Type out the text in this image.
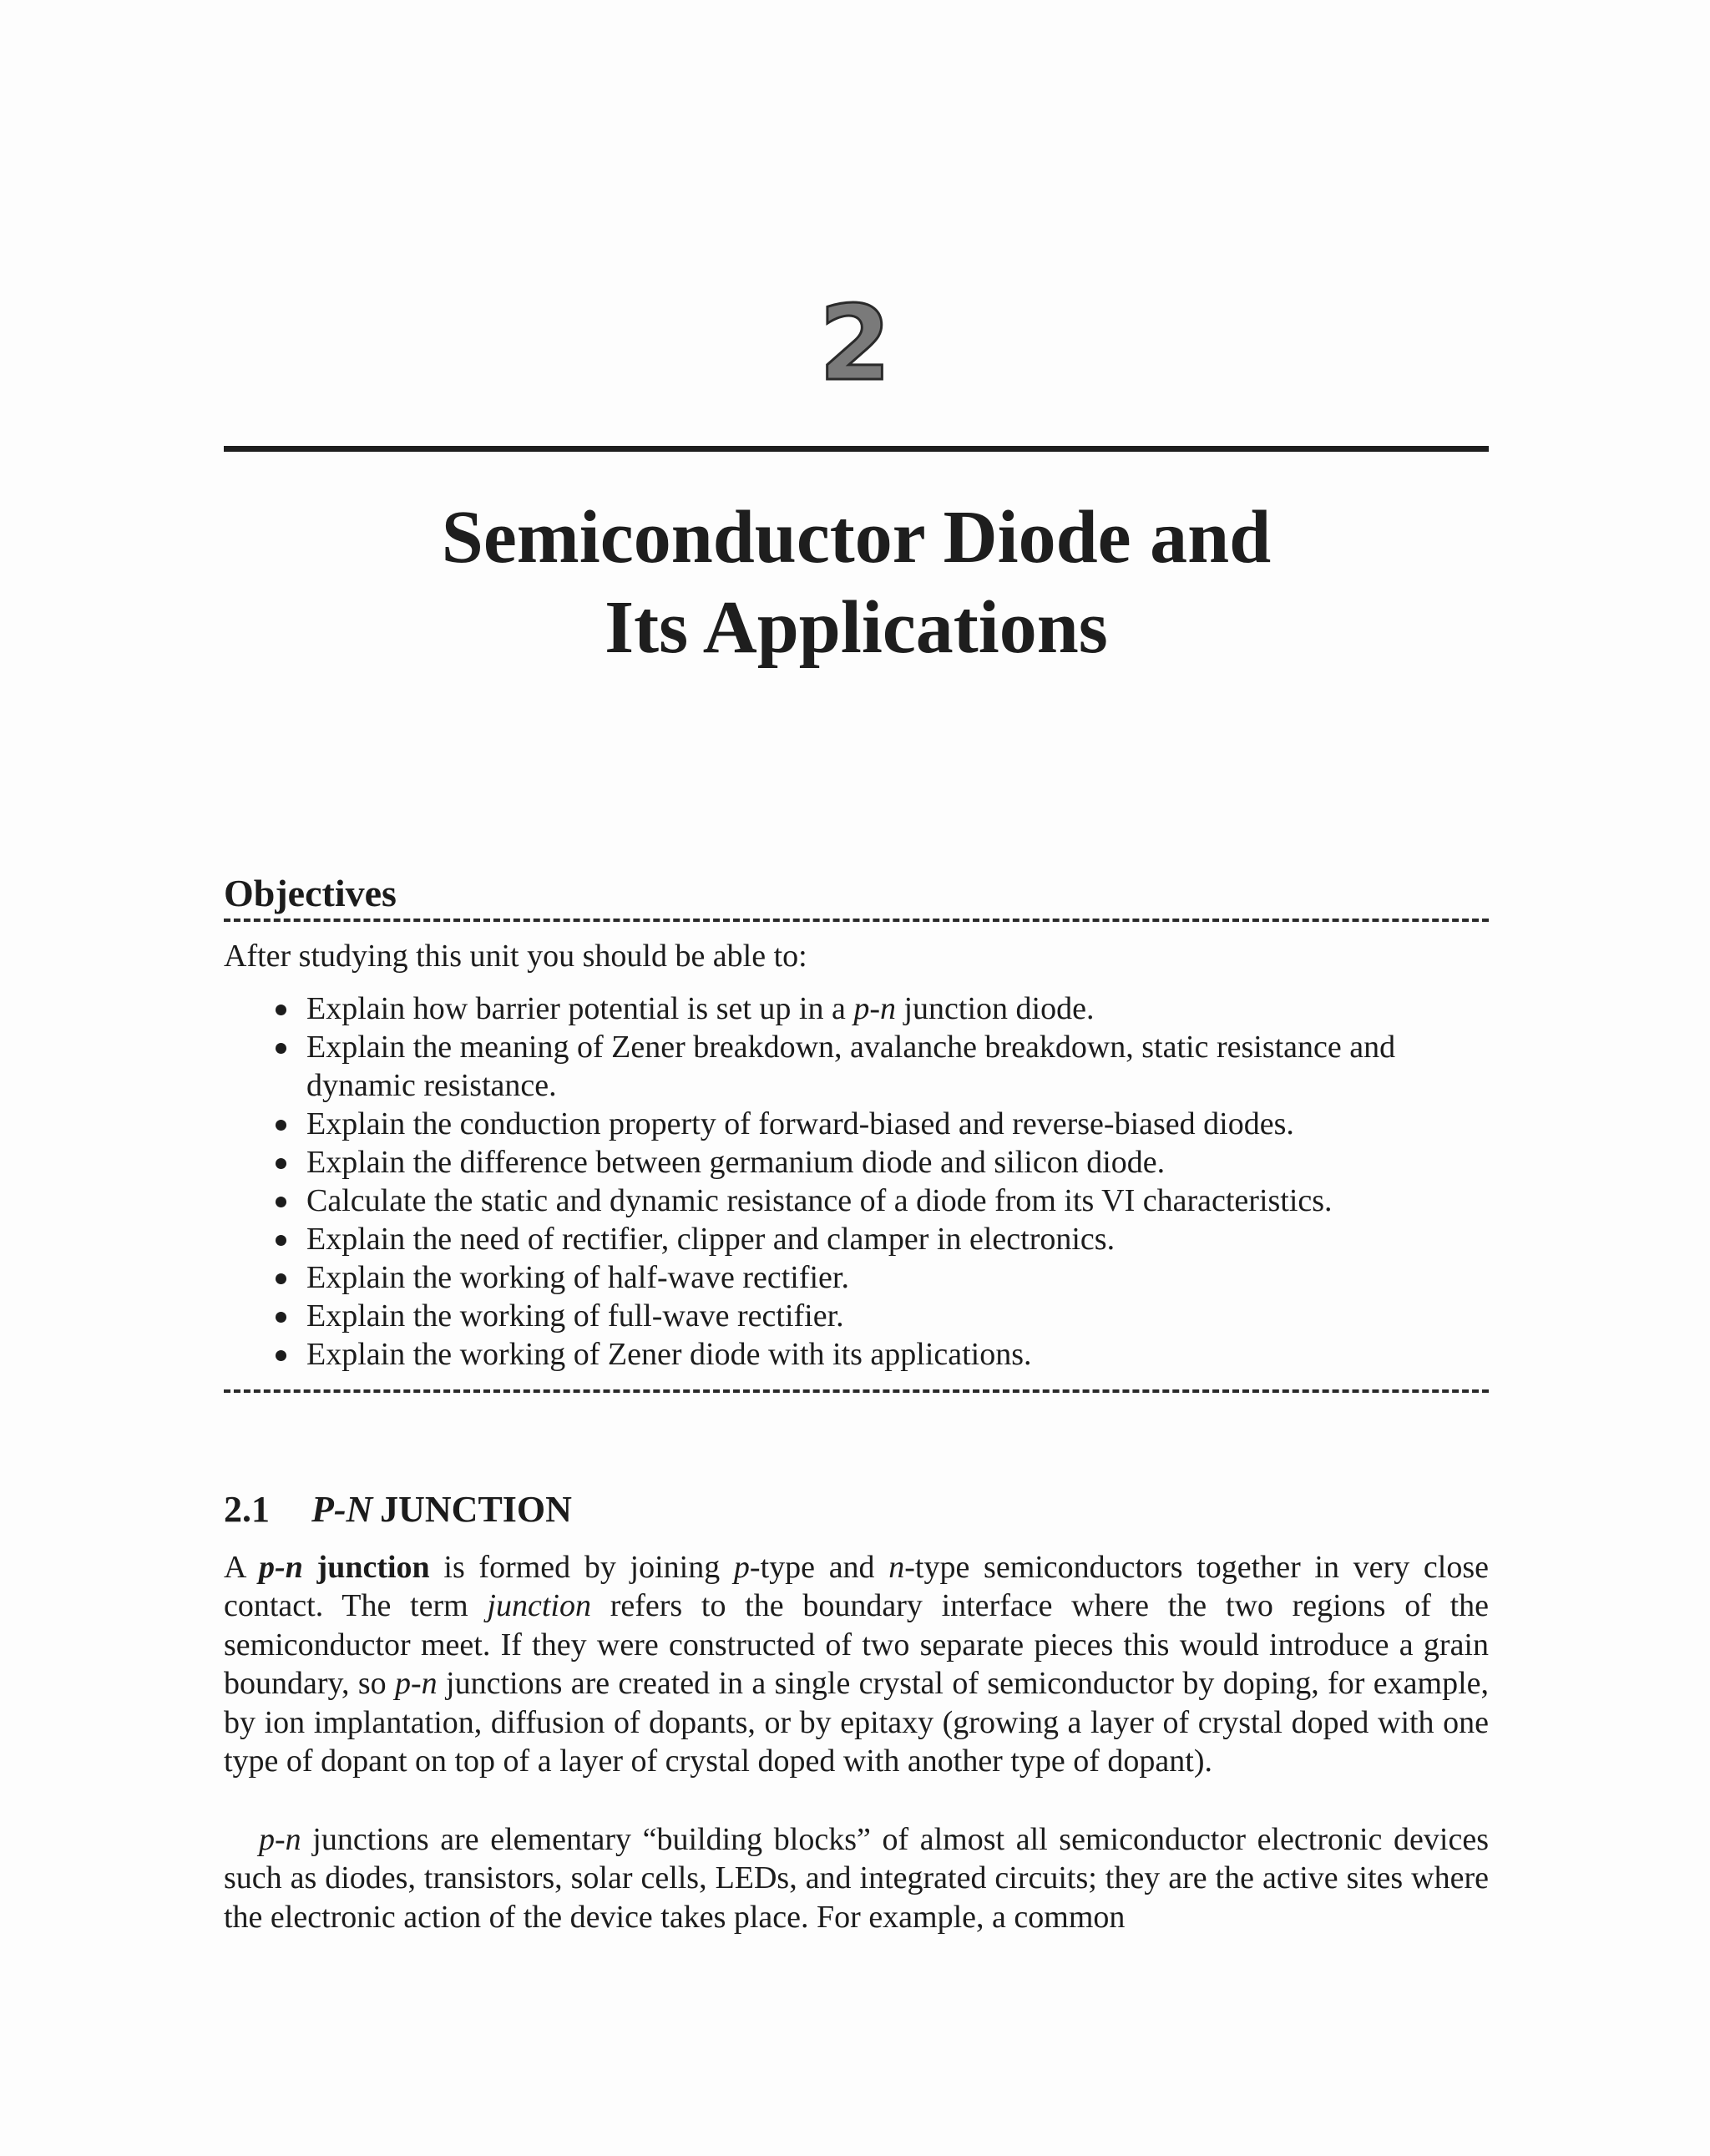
2
Semiconductor Diode and
Its Applications
Objectives
After studying this unit you should be able to:
Explain how barrier potential is set up in a p-n junction diode.
Explain the meaning of Zener breakdown, avalanche breakdown, static resistance and dynamic resistance.
Explain the conduction property of forward-biased and reverse-biased diodes.
Explain the difference between germanium diode and silicon diode.
Calculate the static and dynamic resistance of a diode from its VI characteristics.
Explain the need of rectifier, clipper and clamper in electronics.
Explain the working of half-wave rectifier.
Explain the working of full-wave rectifier.
Explain the working of Zener diode with its applications.
2.1 P-N  JUNCTION

A p-n junction is formed by joining p-type and n-type semiconductors together in very close contact. The term junction refers to the boundary interface where the two regions of the semiconductor meet. If they were constructed of two separate pieces this would introduce a grain boundary, so p-n junctions are created in a single crystal of semiconductor by doping, for example, by ion implantation, diffusion of dopants, or by epitaxy (growing a layer of crystal doped with one type of dopant on top of a layer of crystal doped with another type of dopant).

p-n junctions are elementary “building blocks” of almost all semiconductor electronic devices such as diodes, transistors, solar cells, LEDs, and integrated circuits; they are the active sites where the electronic action of the device takes place. For example, a common
